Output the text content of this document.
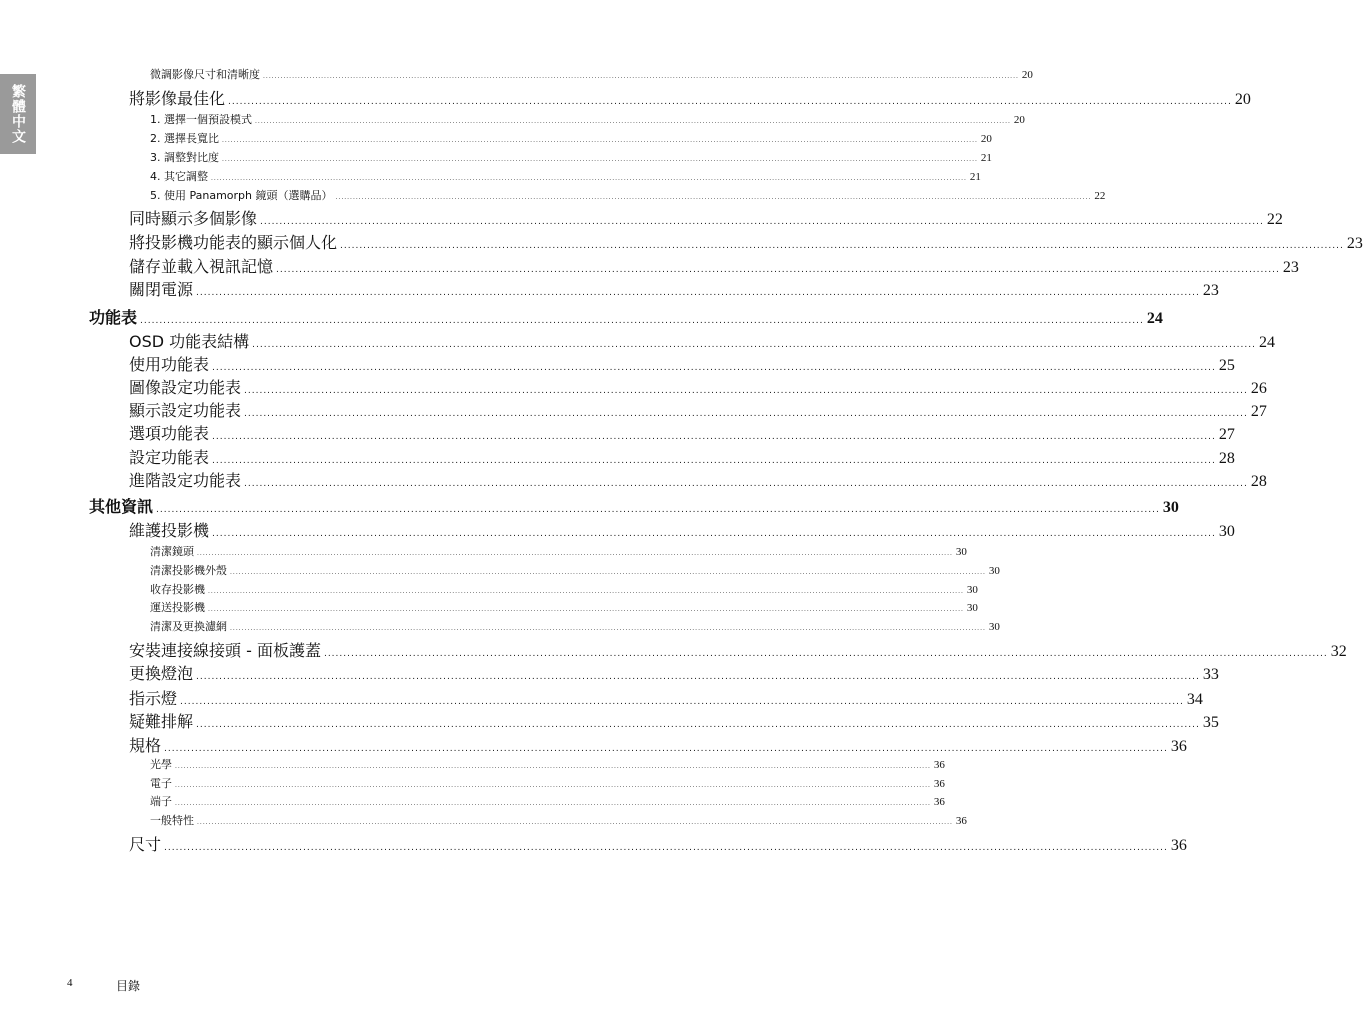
繁體中文
微調影像尺寸和清晰度 .................................................................................................................................................................................................................................................................... 20
將影像最佳化 .................................................................................................................................................................................................................................................................... 20
1. 選擇一個預設模式 .................................................................................................................................................................................................................................................................... 20
2. 選擇長寬比 .................................................................................................................................................................................................................................................................... 20
3. 調整對比度 .................................................................................................................................................................................................................................................................... 21
4. 其它調整 .................................................................................................................................................................................................................................................................... 21
5. 使用 Panamorph 鏡頭（選購品） .................................................................................................................................................................................................................................................................... 22
同時顯示多個影像 .................................................................................................................................................................................................................................................................... 22
將投影機功能表的顯示個人化 .................................................................................................................................................................................................................................................................... 23
儲存並載入視訊記憶 .................................................................................................................................................................................................................................................................... 23
關閉電源 .................................................................................................................................................................................................................................................................... 23
功能表 .................................................................................................................................................................................................................................................................... 24
OSD 功能表結構 .................................................................................................................................................................................................................................................................... 24
使用功能表 .................................................................................................................................................................................................................................................................... 25
圖像設定功能表 .................................................................................................................................................................................................................................................................... 26
顯示設定功能表 .................................................................................................................................................................................................................................................................... 27
選項功能表 .................................................................................................................................................................................................................................................................... 27
設定功能表 .................................................................................................................................................................................................................................................................... 28
進階設定功能表 .................................................................................................................................................................................................................................................................... 28
其他資訊 .................................................................................................................................................................................................................................................................... 30
維護投影機 .................................................................................................................................................................................................................................................................... 30
清潔鏡頭 .................................................................................................................................................................................................................................................................... 30
清潔投影機外殼 .................................................................................................................................................................................................................................................................... 30
收存投影機 .................................................................................................................................................................................................................................................................... 30
運送投影機 .................................................................................................................................................................................................................................................................... 30
清潔及更換濾網 .................................................................................................................................................................................................................................................................... 30
安裝連接線接頭 - 面板護蓋 .................................................................................................................................................................................................................................................................... 32
更換燈泡 .................................................................................................................................................................................................................................................................... 33
指示燈 .................................................................................................................................................................................................................................................................... 34
疑難排解 .................................................................................................................................................................................................................................................................... 35
規格 .................................................................................................................................................................................................................................................................... 36
光學 .................................................................................................................................................................................................................................................................... 36
電子 .................................................................................................................................................................................................................................................................... 36
端子 .................................................................................................................................................................................................................................................................... 36
一般特性 .................................................................................................................................................................................................................................................................... 36
尺寸 .................................................................................................................................................................................................................................................................... 36
4	目錄
